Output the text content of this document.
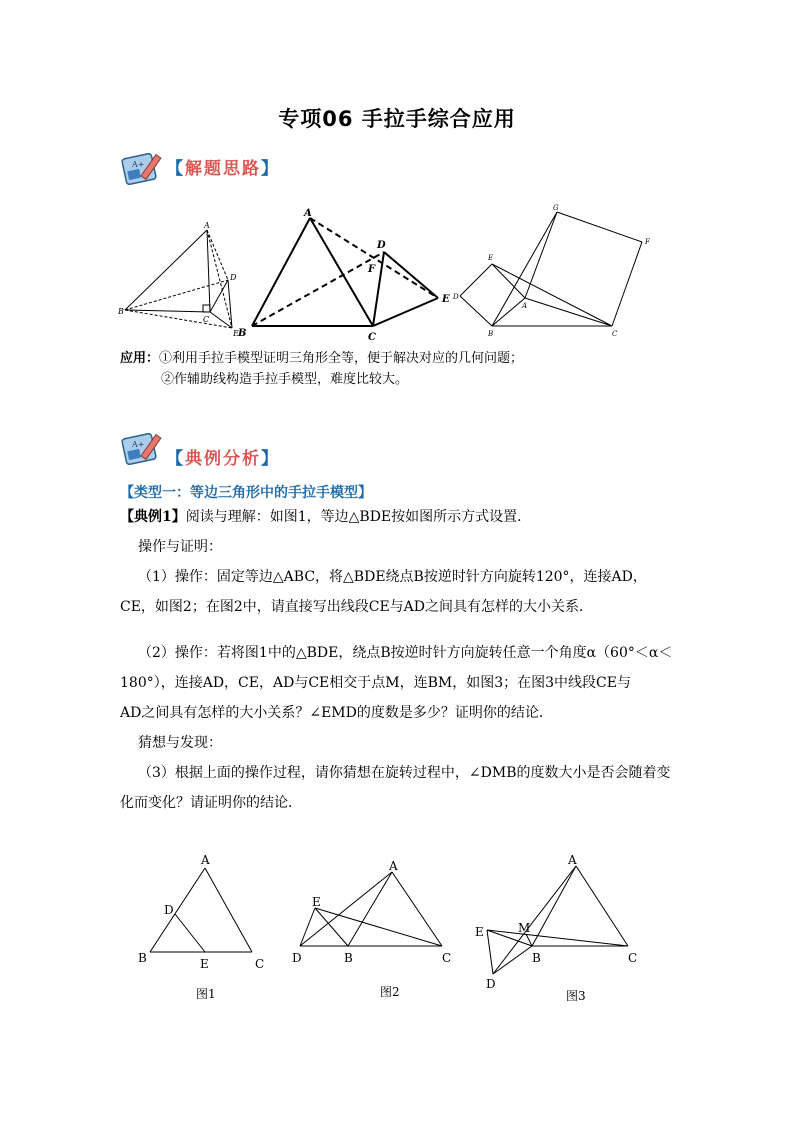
专项06 手拉手综合应用
A+ 【解题思路】
A
B
C
D
E
A
B	C
D
E
F
G
F
E
D
A
B	C
应用：①利用手拉手模型证明三角形全等，便于解决对应的几何问题；
②作辅助线构造手拉手模型，难度比较大。
A+
【典例分析】
【类型一：等边三角形中的手拉手模型】
【典例1】阅读与理解：如图1，等边△BDE按如图所示方式设置．
操作与证明：
（1）操作：固定等边△ABC，将△BDE绕点B按逆时针方向旋转120°，连接AD，
CE，如图2；在图2中，请直接写出线段CE与AD之间具有怎样的大小关系．
（2）操作：若将图1中的△BDE，绕点B按逆时针方向旋转任意一个角度α（60°＜α＜
180°），连接AD，CE，AD与CE相交于点M，连BM，如图3；在图3中线段CE与
AD之间具有怎样的大小关系？∠EMD的度数是多少？证明你的结论．
猜想与发现：
（3）根据上面的操作过程，请你猜想在旋转过程中，∠DMB的度数大小是否会随着变
化而变化？请证明你的结论．
A
D
B	E	C
图1
A
E
D	B	C
图2
A
E	M
B	C
D
图3
